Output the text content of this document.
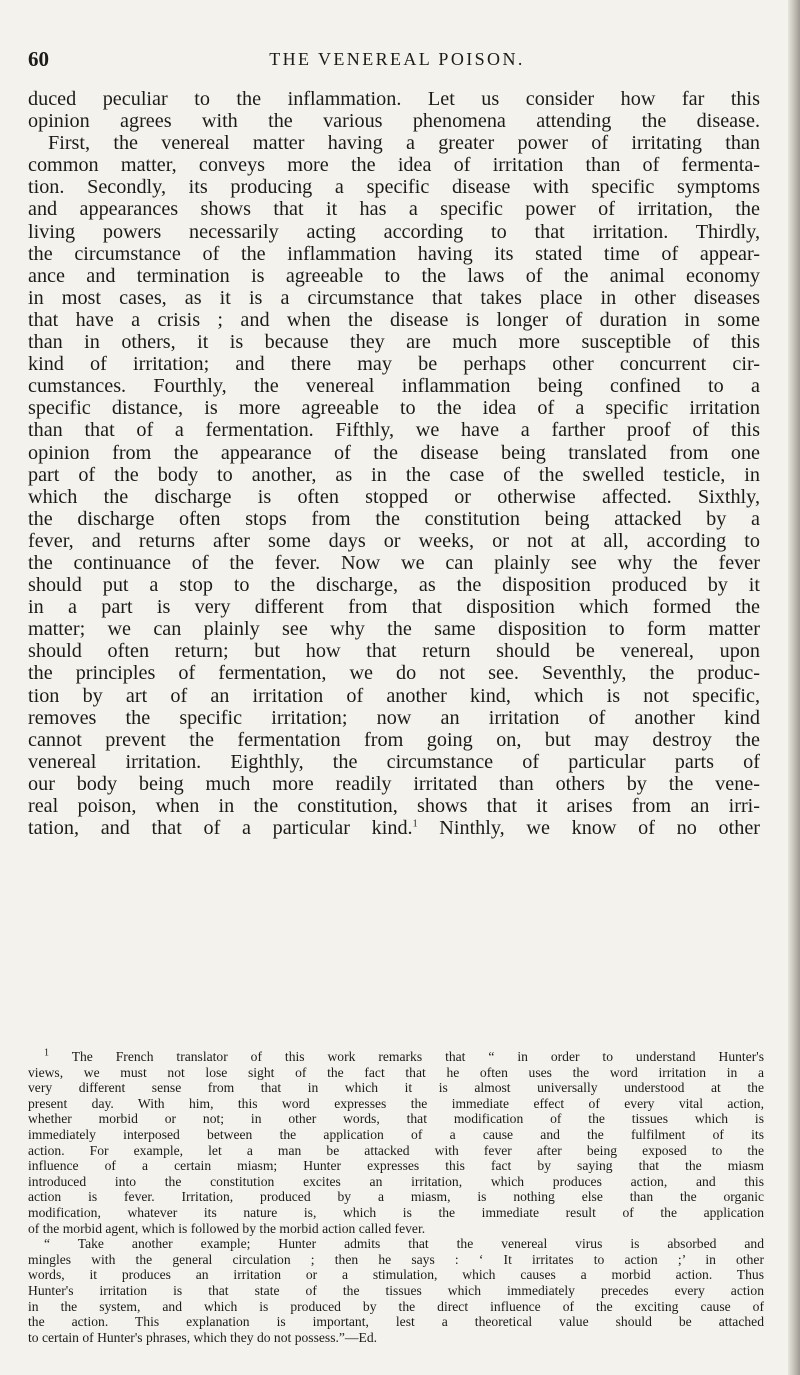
60	THE VENEREAL POISON.

duced peculiar to the inflammation. Let us consider how far this
opinion agrees with the various phenomena attending the disease.
First, the venereal matter having a greater power of irritating than
common matter, conveys more the idea of irritation than of fermenta-
tion. Secondly, its producing a specific disease with specific symptoms
and appearances shows that it has a specific power of irritation, the
living powers necessarily acting according to that irritation. Thirdly,
the circumstance of the inflammation having its stated time of appear-
ance and termination is agreeable to the laws of the animal economy
in most cases, as it is a circumstance that takes place in other diseases
that have a crisis ; and when the disease is longer of duration in some
than in others, it is because they are much more susceptible of this
kind of irritation; and there may be perhaps other concurrent cir-
cumstances. Fourthly, the venereal inflammation being confined to a
specific distance, is more agreeable to the idea of a specific irritation
than that of a fermentation. Fifthly, we have a farther proof of this
opinion from the appearance of the disease being translated from one
part of the body to another, as in the case of the swelled testicle, in
which the discharge is often stopped or otherwise affected. Sixthly,
the discharge often stops from the constitution being attacked by a
fever, and returns after some days or weeks, or not at all, according to
the continuance of the fever. Now we can plainly see why the fever
should put a stop to the discharge, as the disposition produced by it
in a part is very different from that disposition which formed the
matter; we can plainly see why the same disposition to form matter
should often return; but how that return should be venereal, upon
the principles of fermentation, we do not see. Seventhly, the produc-
tion by art of an irritation of another kind, which is not specific,
removes the specific irritation; now an irritation of another kind
cannot prevent the fermentation from going on, but may destroy the
venereal irritation. Eighthly, the circumstance of particular parts of
our body being much more readily irritated than others by the vene-
real poison, when in the constitution, shows that it arises from an irri-
tation, and that of a particular kind.$^1$ Ninthly, we know of no other

$^1$ The French translator of this work remarks that “ in order to understand Hunter's
views, we must not lose sight of the fact that he often uses the word irritation in a
very different sense from that in which it is almost universally understood at the
present day. With him, this word expresses the immediate effect of every vital action,
whether morbid or not; in other words, that modification of the tissues which is
immediately interposed between the application of a cause and the fulfilment of its
action. For example, let a man be attacked with fever after being exposed to the
influence of a certain miasm; Hunter expresses this fact by saying that the miasm
introduced into the constitution excites an irritation, which produces action, and this
action is fever. Irritation, produced by a miasm, is nothing else than the organic
modification, whatever its nature is, which is the immediate result of the application
of the morbid agent, which is followed by the morbid action called fever.
“ Take another example; Hunter admits that the venereal virus is absorbed and
mingles with the general circulation ; then he says : ‘ It irritates to action ;’ in other
words, it produces an irritation or a stimulation, which causes a morbid action. Thus
Hunter's irritation is that state of the tissues which immediately precedes every action
in the system, and which is produced by the direct influence of the exciting cause of
the action. This explanation is important, lest a theoretical value should be attached
to certain of Hunter's phrases, which they do not possess.”—Ed.
